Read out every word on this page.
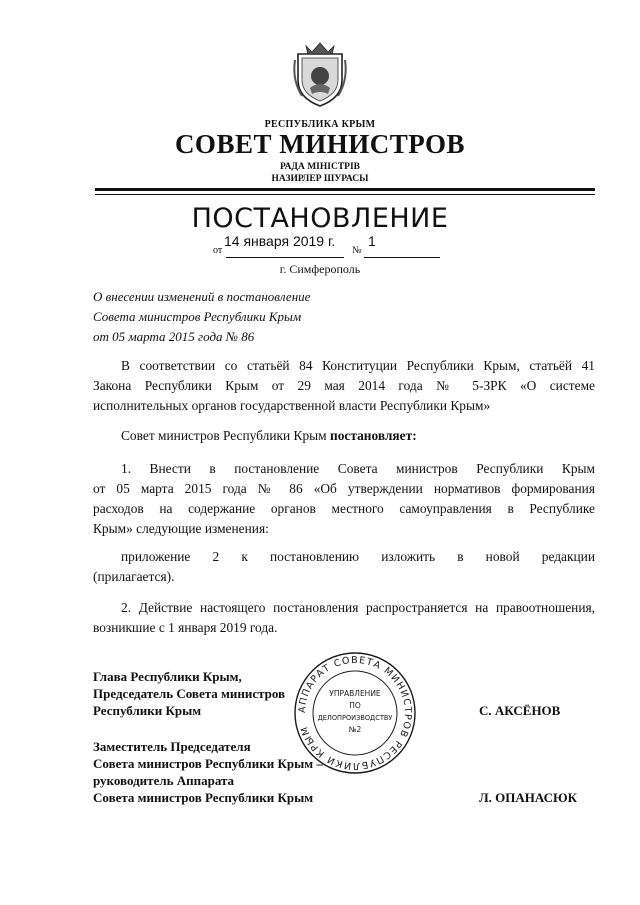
РЕСПУБЛИКА КРЫМ
СОВЕТ МИНИСТРОВ
РАДА МІНІСТРІВ
НАЗИРЛЕР ШУРАСЫ
ПОСТАНОВЛЕНИЕ
от
14 января 2019 г.
№
1
г. Симферополь
О внесении изменений в постановление
Совета министров Республики Крым
от 05 марта 2015 года № 86
В соответствии со статьёй 84 Конституции Республики Крым, статьёй 41
Закона Республики Крым от 29 мая 2014 года № 5-ЗРК «О системе
исполнительных органов государственной власти Республики Крым»
Совет министров Республики Крым постановляет:
1. Внести в постановление Совета министров Республики Крым
от 05 марта 2015 года № 86 «Об утверждении нормативов формирования
расходов на содержание органов местного самоуправления в Республике
Крым» следующие изменения:
приложение 2 к постановлению изложить в новой редакции
(прилагается).
2. Действие настоящего постановления распространяется на правоотношения,
возникшие с 1 января 2019 года.
АППАРАТ СОВЕТА МИНИСТРОВ РЕСПУБЛИКИ КРЫМ
УПРАВЛЕНИЕ
ПО
ДЕЛОПРОИЗВОДСТВУ
№2
Глава Республики Крым,
Председатель Совета министров
Республики Крым	С. АКСЁНОВ
Заместитель Председателя
Совета министров Республики Крым –
руководитель Аппарата
Совета министров Республики Крым	Л. ОПАНАСЮК
